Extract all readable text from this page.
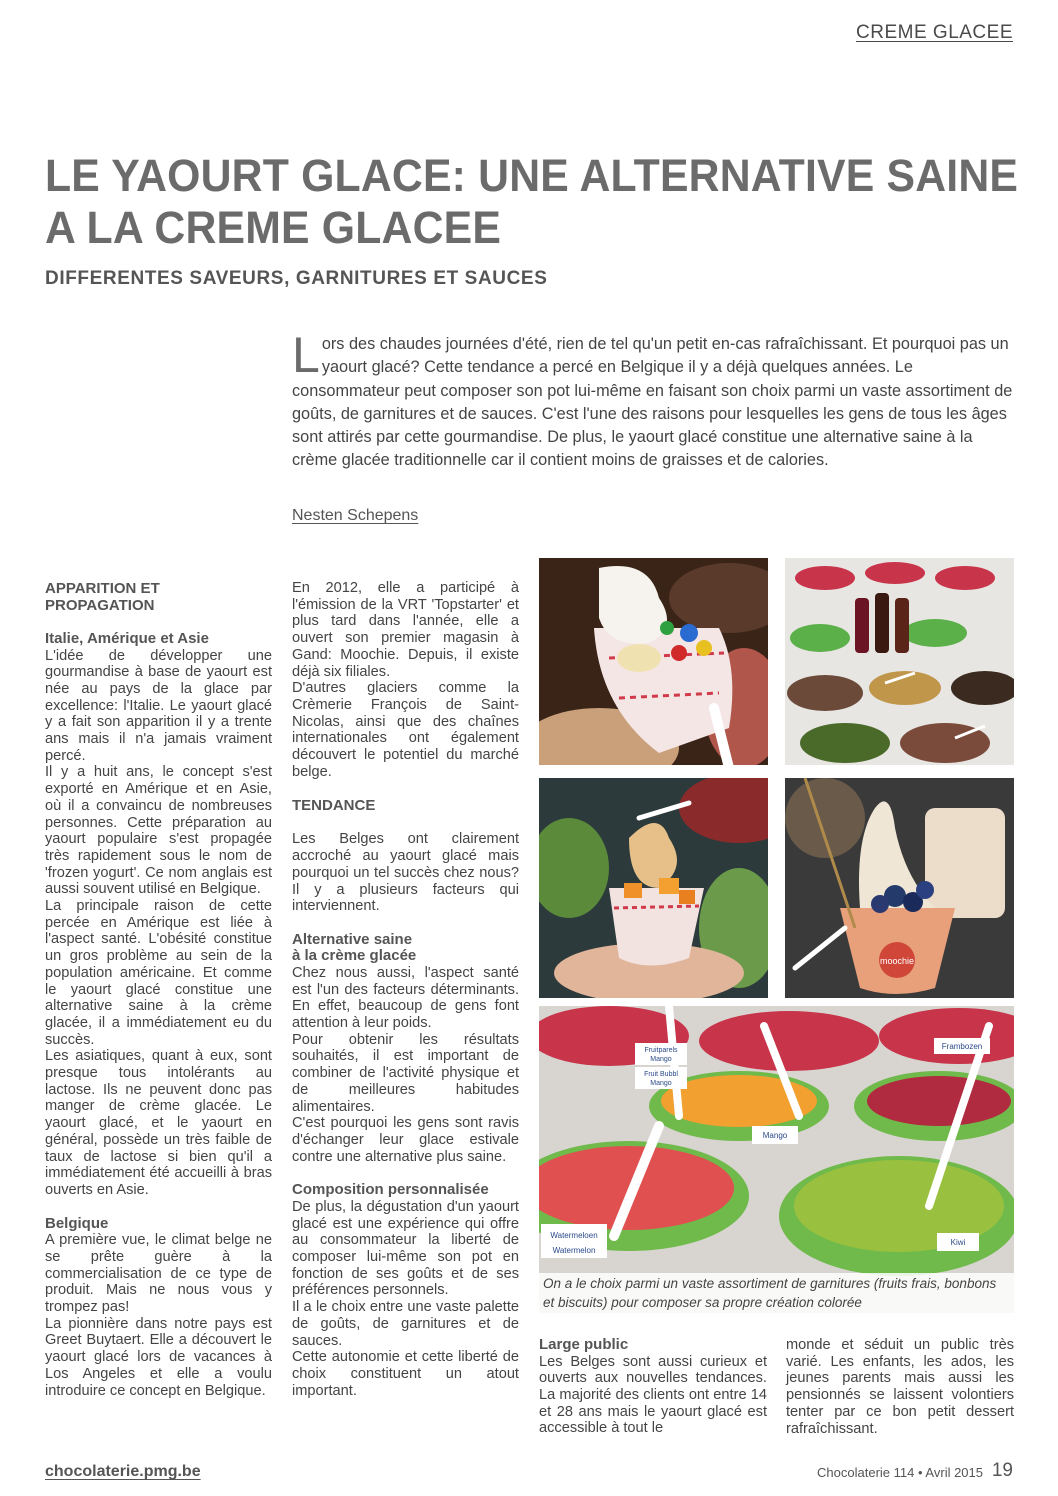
CREME GLACEE
LE YAOURT GLACE: UNE ALTERNATIVE SAINE
A LA CREME GLACEE
DIFFERENTES SAVEURS, GARNITURES ET SAUCES

Lors des chaudes journées d'été, rien de tel qu'un petit en-cas rafraîchissant. Et pourquoi pas un yaourt glacé? Cette tendance a percé en Belgique il y a déjà quelques années. Le consommateur peut composer son pot lui-même en faisant son choix parmi un vaste assortiment de goûts, de garnitures et de sauces. C'est l'une des raisons pour lesquelles les gens de tous les âges sont attirés par cette gourmandise. De plus, le yaourt glacé constitue une alternative saine à la crème glacée traditionnelle car il contient moins de graisses et de calories.

Nesten Schepens
APPARITION ET PROPAGATION
Italie, Amérique et Asie

L'idée de développer une gourmandise à base de yaourt est née au pays de la glace par excellence: l'Italie. Le yaourt glacé y a fait son apparition il y a trente ans mais il n'a jamais vraiment percé.

Il y a huit ans, le concept s'est exporté en Amérique et en Asie, où il a convaincu de nombreuses personnes. Cette préparation au yaourt populaire s'est propagée très rapidement sous le nom de 'frozen yogurt'. Ce nom anglais est aussi souvent utilisé en Belgique.

La principale raison de cette percée en Amérique est liée à l'aspect santé. L'obésité constitue un gros problème au sein de la population américaine. Et comme le yaourt glacé constitue une alternative saine à la crème glacée, il a immédiatement eu du succès.

Les asiatiques, quant à eux, sont presque tous intolérants au lactose. Ils ne peuvent donc pas manger de crème glacée. Le yaourt glacé, et le yaourt en général, possède un très faible de taux de lactose si bien qu'il a immédiatement été accueilli à bras ouverts en Asie.

Belgique

A première vue, le climat belge ne se prête guère à la commercialisation de ce type de produit. Mais ne nous vous y trompez pas!

La pionnière dans notre pays est Greet Buytaert. Elle a découvert le yaourt glacé lors de vacances à Los Angeles et elle a voulu introduire ce concept en Belgique.

En 2012, elle a participé à l'émission de la VRT 'Topstarter' et plus tard dans l'année, elle a ouvert son premier magasin à Gand: Moochie. Depuis, il existe déjà six filiales.

D'autres glaciers comme la Crèmerie François de Saint-Nicolas, ainsi que des chaînes internationales ont également découvert le potentiel du marché belge.

TENDANCE

Les Belges ont clairement accroché au yaourt glacé mais pourquoi un tel succès chez nous? Il y a plusieurs facteurs qui interviennent.

Alternative saine
à la crème glacée

Chez nous aussi, l'aspect santé est l'un des facteurs déterminants. En effet, beaucoup de gens font attention à leur poids.

Pour obtenir les résultats souhaités, il est important de combiner de l'activité physique et de meilleures habitudes alimentaires.

C'est pourquoi les gens sont ravis d'échanger leur glace estivale contre une alternative plus saine.

Composition personnalisée

De plus, la dégustation d'un yaourt glacé est une expérience qui offre au consommateur la liberté de composer lui-même son pot en fonction de ses goûts et de ses préférences personnels.

Il a le choix entre une vaste palette de goûts, de garnitures et de sauces.

Cette autonomie et cette liberté de choix constituent un atout important.

moochie
Fruitparels
Mango
Fruit Bubbl
Mango
Frambozen
Mango
Kiwi
Watermeloen
Watermelon
On a le choix parmi un vaste assortiment de garnitures (fruits frais, bonbons et biscuits) pour composer sa propre création colorée
Large public

Les Belges sont aussi curieux et ouverts aux nouvelles tendances. La majorité des clients ont entre 14 et 28 ans mais le yaourt glacé est accessible à tout le

monde et séduit un public très varié. Les enfants, les ados, les jeunes parents mais aussi les pensionnés se laissent volontiers tenter par ce bon petit dessert rafraîchissant.

chocolaterie.pmg.be	Chocolaterie 114 • Avril 2015 19
